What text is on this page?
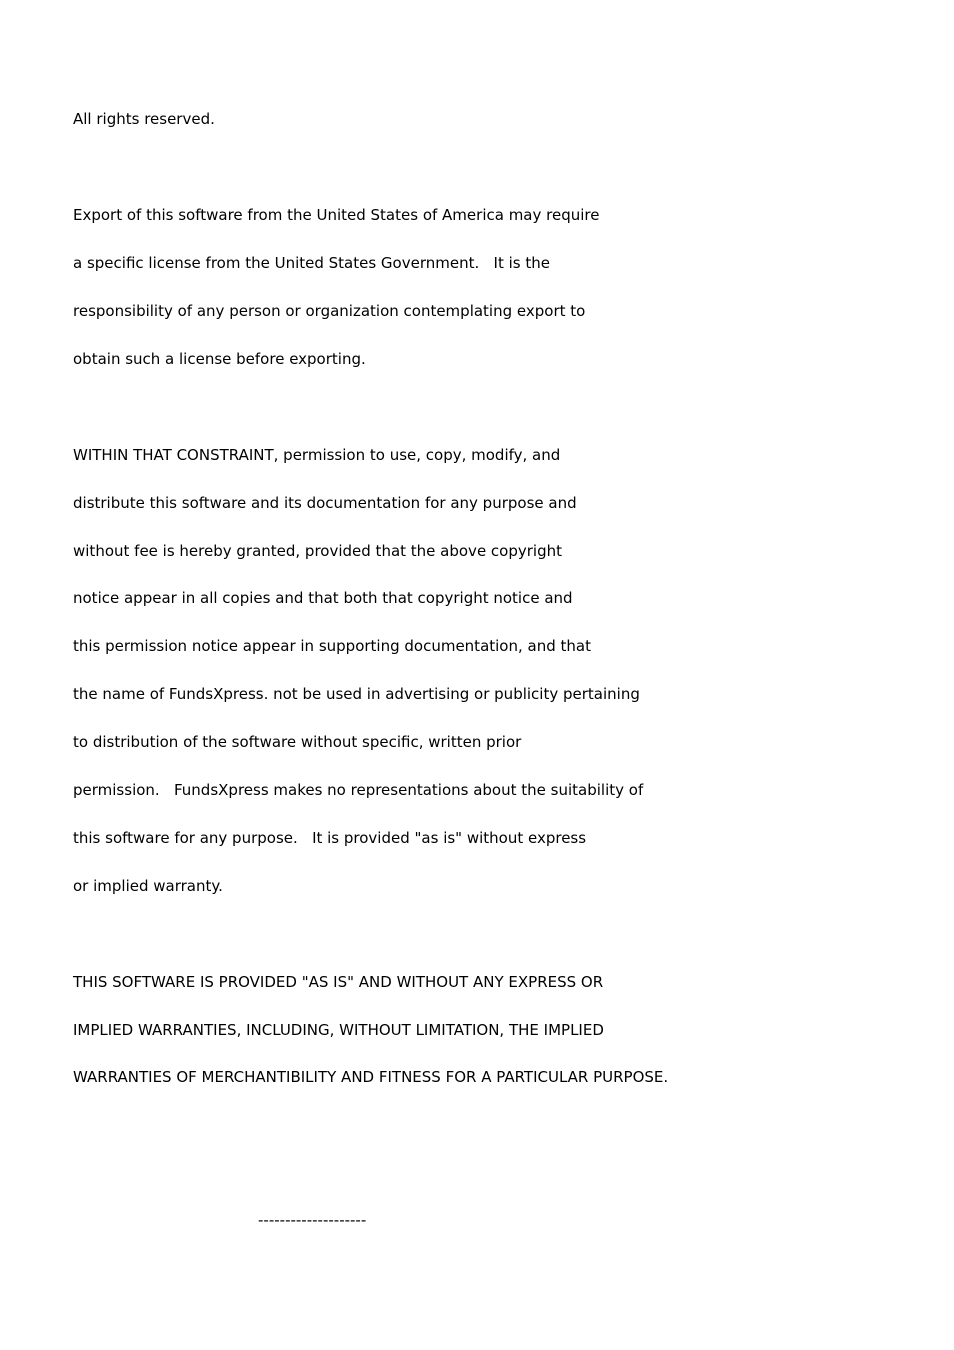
All rights reserved.
Export of this software from the United States of America may require
a specific license from the United States Government.   It is the
responsibility of any person or organization contemplating export to
obtain such a license before exporting.
WITHIN THAT CONSTRAINT, permission to use, copy, modify, and
distribute this software and its documentation for any purpose and
without fee is hereby granted, provided that the above copyright
notice appear in all copies and that both that copyright notice and
this permission notice appear in supporting documentation, and that
the name of FundsXpress. not be used in advertising or publicity pertaining
to distribution of the software without specific, written prior
permission.   FundsXpress makes no representations about the suitability of
this software for any purpose.   It is provided "as is" without express
or implied warranty.
THIS SOFTWARE IS PROVIDED "AS IS" AND WITHOUT ANY EXPRESS OR
IMPLIED WARRANTIES, INCLUDING, WITHOUT LIMITATION, THE IMPLIED
WARRANTIES OF MERCHANTIBILITY AND FITNESS FOR A PARTICULAR PURPOSE.
--------------------
